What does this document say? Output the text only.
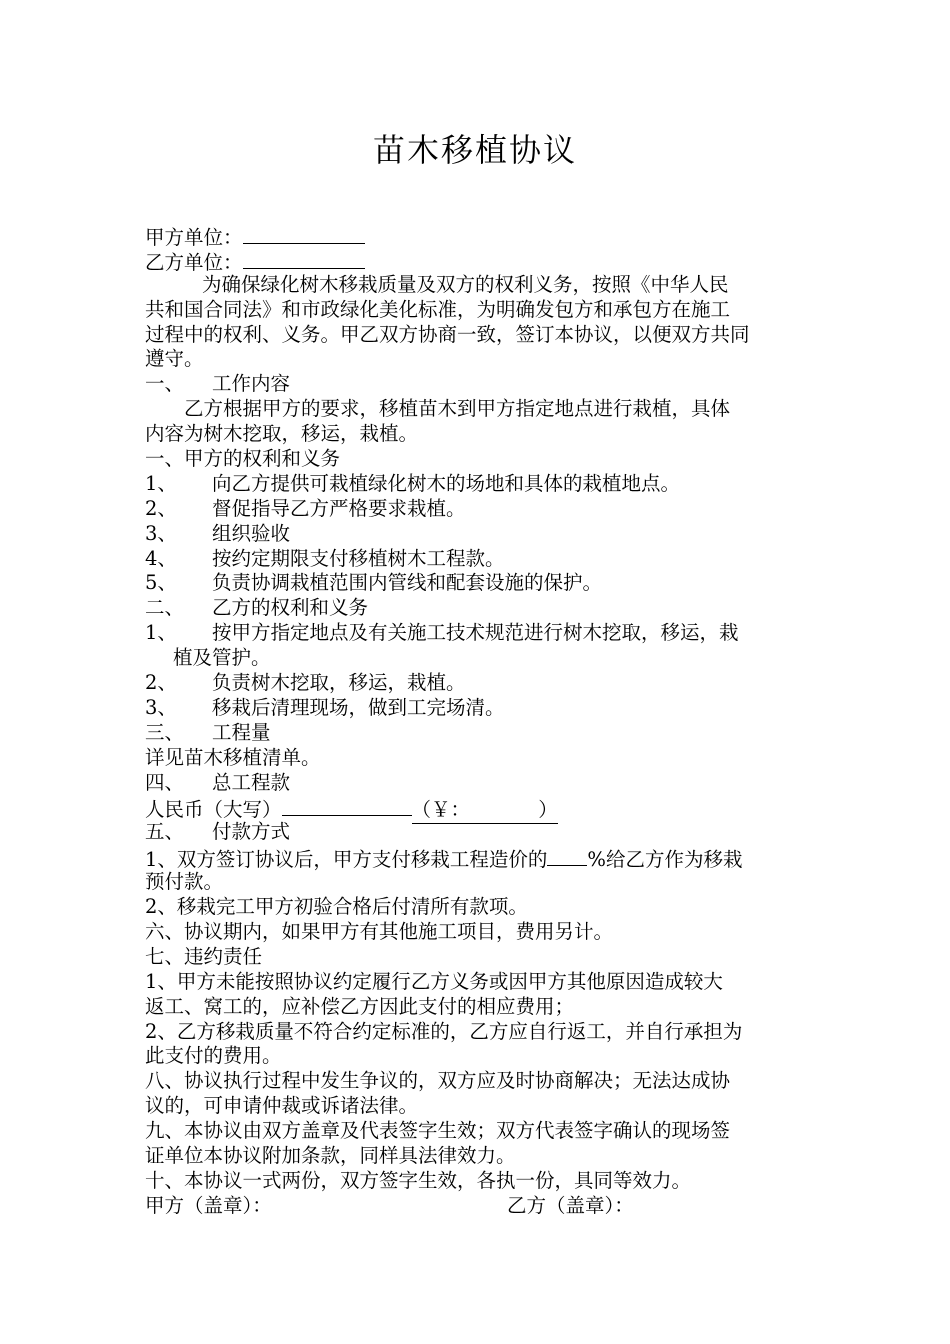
苗木移植协议
甲方单位：
乙方单位：
为确保绿化树木移栽质量及双方的权利义务，按照《中华人民
共和国合同法》和市政绿化美化标准，为明确发包方和承包方在施工
过程中的权利、义务。甲乙双方协商一致，签订本协议，以便双方共同
遵守。
一、 工作内容
乙方根据甲方的要求，移植苗木到甲方指定地点进行栽植，具体
内容为树木挖取，移运，栽植。
一、甲方的权利和义务
1、 向乙方提供可栽植绿化树木的场地和具体的栽植地点。
2、 督促指导乙方严格要求栽植。
3、 组织验收
4、 按约定期限支付移植树木工程款。
5、 负责协调栽植范围内管线和配套设施的保护。
二、 乙方的权利和义务
1、 按甲方指定地点及有关施工技术规范进行树木挖取，移运，栽
植及管护。
2、 负责树木挖取，移运，栽植。
3、 移栽后清理现场，做到工完场清。
三、 工程量
详见苗木移植清单。
四、 总工程款
人民币（大写）	（￥：           ）
五、 付款方式
1、双方签订协议后，甲方支付移栽工程造价的 %给乙方作为移栽
预付款。
2、移栽完工甲方初验合格后付清所有款项。
六、协议期内，如果甲方有其他施工项目，费用另计。
七、违约责任
1、甲方未能按照协议约定履行乙方义务或因甲方其他原因造成较大
返工、窝工的，应补偿乙方因此支付的相应费用；
2、乙方移栽质量不符合约定标准的，乙方应自行返工，并自行承担为
此支付的费用。
八、协议执行过程中发生争议的，双方应及时协商解决；无法达成协
议的，可申请仲裁或诉诸法律。
九、本协议由双方盖章及代表签字生效；双方代表签字确认的现场签
证单位本协议附加条款，同样具法律效力。
十、本协议一式两份，双方签字生效，各执一份，具同等效力。
甲方（盖章）：	乙方（盖章）：
